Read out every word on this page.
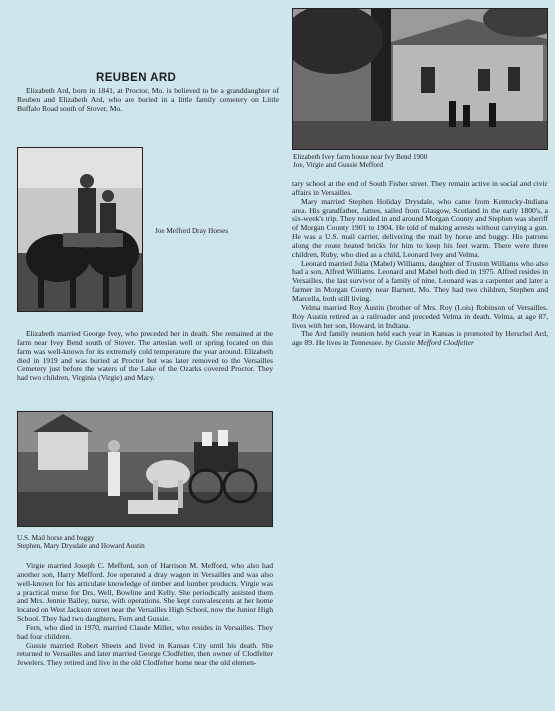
Elizabeth Ivey farm house near Ivy Bend 1900
Joe, Virgie and Gussie Mefford
REUBEN ARD

Elizabeth Ard, born in 1841, at Proctor, Mo. is believed to be a granddaughter of Reuben and Elizabeth Ard, who are buried in a little family cemetery on Little Buffalo Road south of Stover, Mo.

Joe Mefford Dray Horses

Elizabeth married George Ivey, who preceded her in death. She remained at the farm near Ivey Bend south of Stover. The artesian well or spring located on this farm was well-known for its extremely cold temperature the year around. Elizabeth died in 1919 and was buried at Proctor but was later removed to the Versailles Cemetery just before the waters of the Lake of the Ozarks covered Proctor. They had two children, Virginia (Virgie) and Mary.

U.S. Mail horse and buggy
Stephen, Mary Drysdale and Howard Austin

Virgie married Joseph C. Mefford, son of Harrison M. Mefford, who also had another son, Harry Mefford. Joe operated a dray wagon in Versailles and was also well-known for his articulate knowledge of timber and lumber products. Virgie was a practical nurse for Drs. Well, Bowline and Kelly. She periodically assisted them and Mrs. Jennie Bailey, nurse, with operations. She kept convalescents at her home located on West Jackson street near the Versailles High School, now the Junior High School. They had two daughters, Fern and Gussie.

Fern, who died in 1970, married Claude Miller, who resides in Versailles. They had four children.

Gussie married Robert Sheets and lived in Kansas City until his death. She returned to Versailles and later married George Clodfelter, then owner of Clodfelter Jewelers. They retired and live in the old Clodfelter home near the old elemen-

tary school at the end of South Fisher street. They remain active in social and civic affairs in Versailles.

Mary married Stephen Holiday Drysdale, who came from Kentucky-Indiana area. His grandfather, James, sailed from Glasgow, Scotland in the early 1800's, a six-week's trip. They resided in and around Morgan County and Stephen was sheriff of Morgan County 1901 to 1904. He told of making arrests without carrying a gun. He was a U.S. mail carrier, delivering the mail by horse and buggy. His patrons along the route heated bricks for him to keep his feet warm. There were three children, Ruby, who died as a child, Leonard Ivey and Velma.

Leonard married Julia (Mabel) Williams, daughter of Truston Williams who also had a son, Alfred Williams. Leonard and Mabel both died in 1975. Alfred resides in Versailles, the last survivor of a family of nine. Leonard was a carpenter and later a farmer in Morgan County near Barnett, Mo. They had two children, Stephen and Marcella, both still living.

Velma married Roy Austin (brother of Mrs. Roy (Lois) Robinson of Versailles. Roy Austin retired as a railroader and preceded Velma in death. Velma, at age 87, lives with her son, Howard, in Indiana.

The Ard family reunion held each year in Kansas is promoted by Herschel Ard, age 89. He lives in Tennessee. by Gussie Mefford Clodfelter
